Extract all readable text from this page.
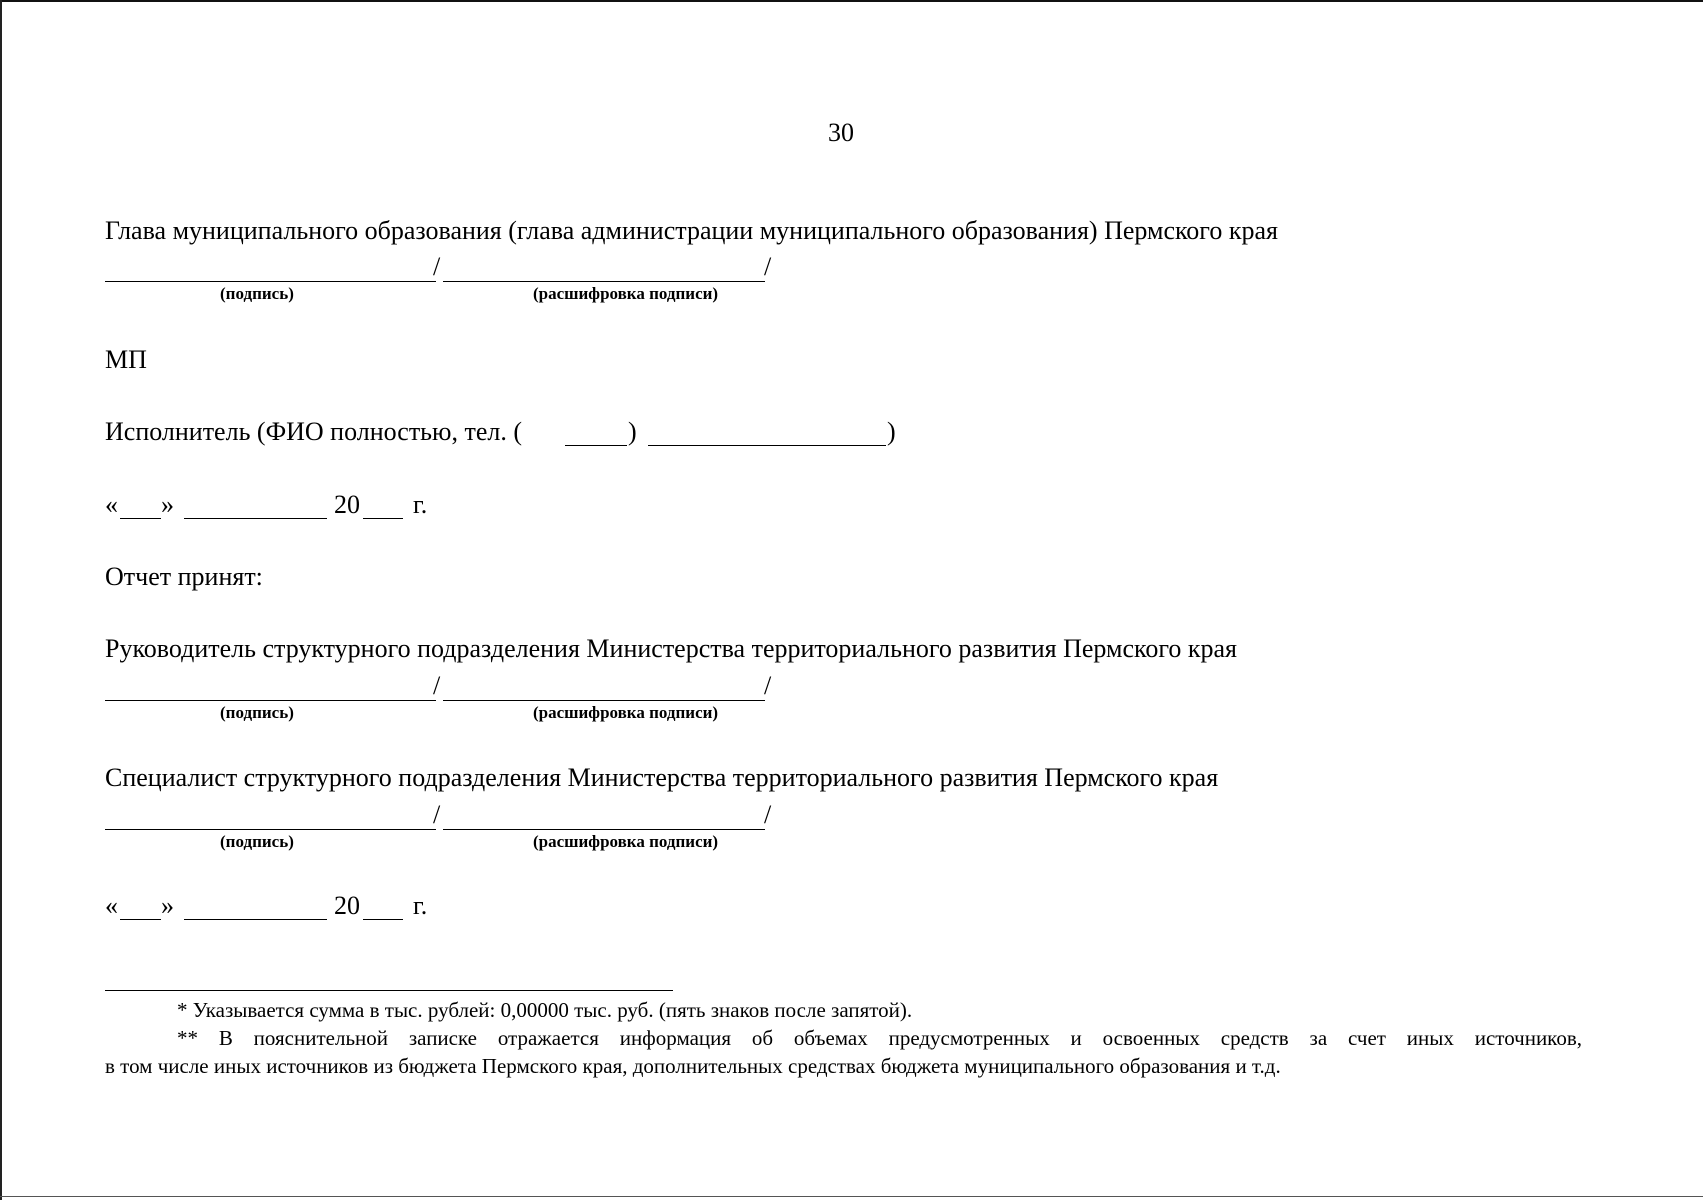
30
Глава муниципального образования (глава администрации муниципального образования) Пермского края
/	/
(подпись)	(расшифровка подписи)
МП
Исполнитель (ФИО полностью, тел. (	)	)
« »	20 г.
Отчет принят:
Руководитель структурного подразделения Министерства территориального развития Пермского края
/	/
(подпись)	(расшифровка подписи)
Специалист структурного подразделения Министерства территориального развития Пермского края
/	/
(подпись)	(расшифровка подписи)
« »	20 г.
* Указывается сумма в тыс. рублей: 0,00000 тыс. руб. (пять знаков после запятой).
** В пояснительной записке отражается информация об объемах предусмотренных и освоенных средств за счет иных источников,
в том числе иных источников из бюджета Пермского края, дополнительных средствах бюджета муниципального образования и т.д.
